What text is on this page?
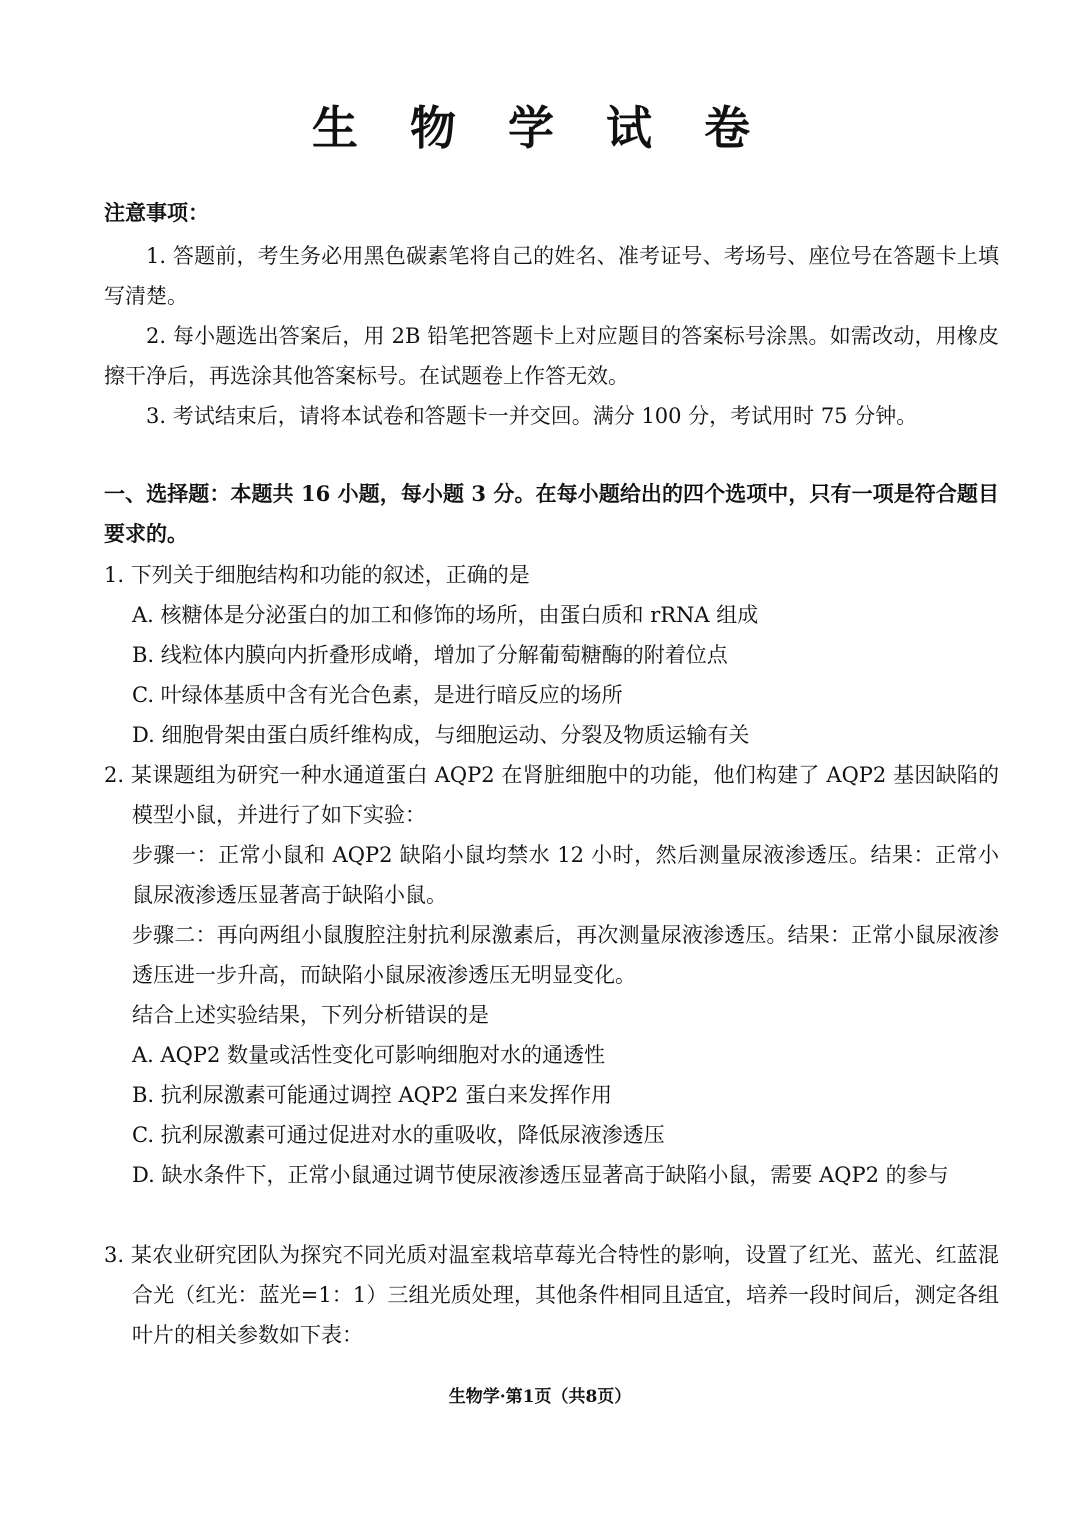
生 物 学 试 卷
注意事项：
1. 答题前，考生务必用黑色碳素笔将自己的姓名、准考证号、考场号、座位号在答题卡上填写清楚。
2. 每小题选出答案后，用 2B 铅笔把答题卡上对应题目的答案标号涂黑。如需改动，用橡皮擦干净后，再选涂其他答案标号。在试题卷上作答无效。
3. 考试结束后，请将本试卷和答题卡一并交回。满分 100 分，考试用时 75 分钟。
一、选择题：本题共 16 小题，每小题 3 分。在每小题给出的四个选项中，只有一项是符合题目要求的。
1. 下列关于细胞结构和功能的叙述，正确的是
A. 核糖体是分泌蛋白的加工和修饰的场所，由蛋白质和 rRNA 组成
B. 线粒体内膜向内折叠形成嵴，增加了分解葡萄糖酶的附着位点
C. 叶绿体基质中含有光合色素，是进行暗反应的场所
D. 细胞骨架由蛋白质纤维构成，与细胞运动、分裂及物质运输有关
2. 某课题组为研究一种水通道蛋白 AQP2 在肾脏细胞中的功能，他们构建了 AQP2 基因缺陷的模型小鼠，并进行了如下实验：
步骤一：正常小鼠和 AQP2 缺陷小鼠均禁水 12 小时，然后测量尿液渗透压。结果：正常小鼠尿液渗透压显著高于缺陷小鼠。
步骤二：再向两组小鼠腹腔注射抗利尿激素后，再次测量尿液渗透压。结果：正常小鼠尿液渗透压进一步升高，而缺陷小鼠尿液渗透压无明显变化。
结合上述实验结果，下列分析错误的是
A. AQP2 数量或活性变化可影响细胞对水的通透性
B. 抗利尿激素可能通过调控 AQP2 蛋白来发挥作用
C. 抗利尿激素可通过促进对水的重吸收，降低尿液渗透压
D. 缺水条件下，正常小鼠通过调节使尿液渗透压显著高于缺陷小鼠，需要 AQP2 的参与
3. 某农业研究团队为探究不同光质对温室栽培草莓光合特性的影响，设置了红光、蓝光、红蓝混合光（红光：蓝光=1：1）三组光质处理，其他条件相同且适宜，培养一段时间后，测定各组叶片的相关参数如下表：
生物学·第1页（共8页）
